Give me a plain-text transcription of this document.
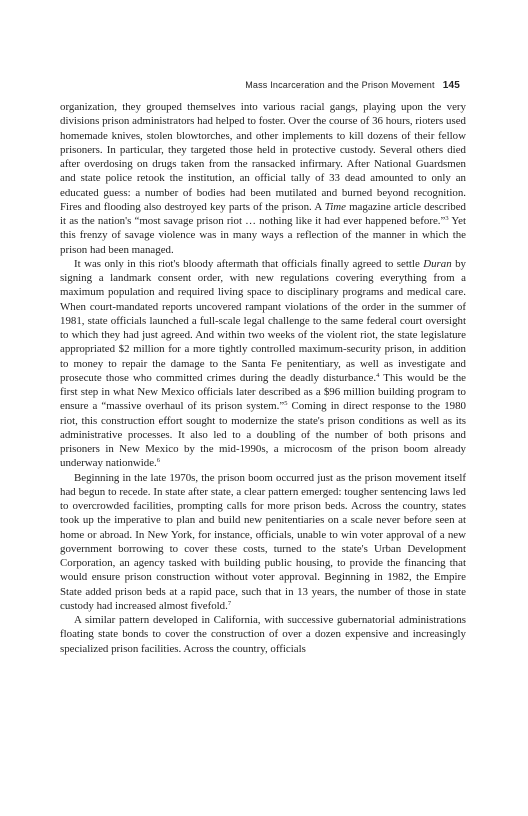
Mass Incarceration and the Prison Movement 145

organization, they grouped themselves into various racial gangs, playing upon the very divisions prison administrators had helped to foster. Over the course of 36 hours, rioters used homemade knives, stolen blowtorches, and other implements to kill dozens of their fellow prisoners. In particular, they targeted those held in protective custody. Several others died after overdosing on drugs taken from the ransacked infirmary. After National Guardsmen and state police retook the institution, an official tally of 33 dead amounted to only an educated guess: a number of bodies had been mutilated and burned beyond recognition. Fires and flooding also destroyed key parts of the prison. A Time magazine article described it as the nation's “most savage prison riot … nothing like it had ever happened before.”$^3$ Yet this frenzy of savage violence was in many ways a reflection of the manner in which the prison had been managed.

It was only in this riot's bloody aftermath that officials finally agreed to settle Duran by signing a landmark consent order, with new regulations covering everything from a maximum population and required living space to disciplinary programs and medical care. When court-mandated reports uncovered rampant violations of the order in the summer of 1981, state officials launched a full-scale legal challenge to the same federal court oversight to which they had just agreed. And within two weeks of the violent riot, the state legislature appropriated $2 million for a more tightly controlled maximum-security prison, in addition to money to repair the damage to the Santa Fe penitentiary, as well as investigate and prosecute those who committed crimes during the deadly disturbance.$^4$ This would be the first step in what New Mexico officials later described as a $96 million building program to ensure a “massive overhaul of its prison system.”$^5$ Coming in direct response to the 1980 riot, this construction effort sought to modernize the state's prison conditions as well as its administrative processes. It also led to a doubling of the number of both prisons and prisoners in New Mexico by the mid-1990s, a microcosm of the prison boom already underway nationwide.$^6$

Beginning in the late 1970s, the prison boom occurred just as the prison movement itself had begun to recede. In state after state, a clear pattern emerged: tougher sentencing laws led to overcrowded facilities, prompting calls for more prison beds. Across the country, states took up the imperative to plan and build new penitentiaries on a scale never before seen at home or abroad. In New York, for instance, officials, unable to win voter approval of a new government borrowing to cover these costs, turned to the state's Urban Development Corporation, an agency tasked with building public housing, to provide the financing that would ensure prison construction without voter approval. Beginning in 1982, the Empire State added prison beds at a rapid pace, such that in 13 years, the number of those in state custody had increased almost fivefold.$^7$

A similar pattern developed in California, with successive gubernatorial administrations floating state bonds to cover the construction of over a dozen expensive and increasingly specialized prison facilities. Across the country, officials
